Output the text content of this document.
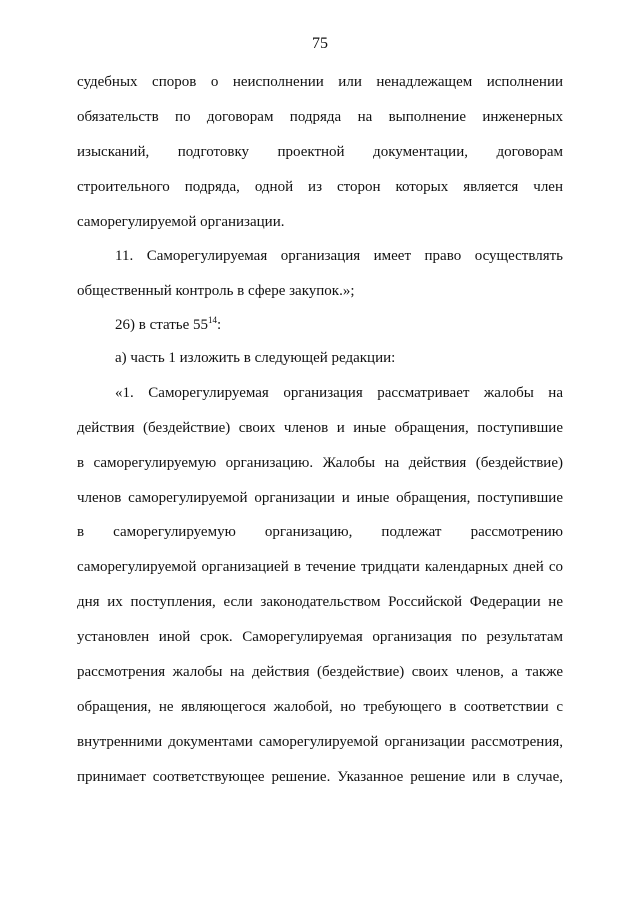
75
судебных споров о неисполнении или ненадлежащем исполнении
обязательств по договорам подряда на выполнение инженерных
изысканий, подготовку проектной документации, договорам
строительного подряда, одной из сторон которых является член
саморегулируемой организации.
11. Саморегулируемая организация имеет право осуществлять
общественный контроль в сфере закупок.»;
26) в статье $55^{14}$:
а) часть 1 изложить в следующей редакции:
«1. Саморегулируемая организация рассматривает жалобы на
действия (бездействие) своих членов и иные обращения, поступившие
в саморегулируемую организацию. Жалобы на действия (бездействие)
членов саморегулируемой организации и иные обращения, поступившие
в саморегулируемую организацию, подлежат рассмотрению
саморегулируемой организацией в течение тридцати календарных дней со
дня их поступления, если законодательством Российской Федерации не
установлен иной срок. Саморегулируемая организация по результатам
рассмотрения жалобы на действия (бездействие) своих членов, а также
обращения, не являющегося жалобой, но требующего в соответствии с
внутренними документами саморегулируемой организации рассмотрения,
принимает соответствующее решение. Указанное решение или в случае,
